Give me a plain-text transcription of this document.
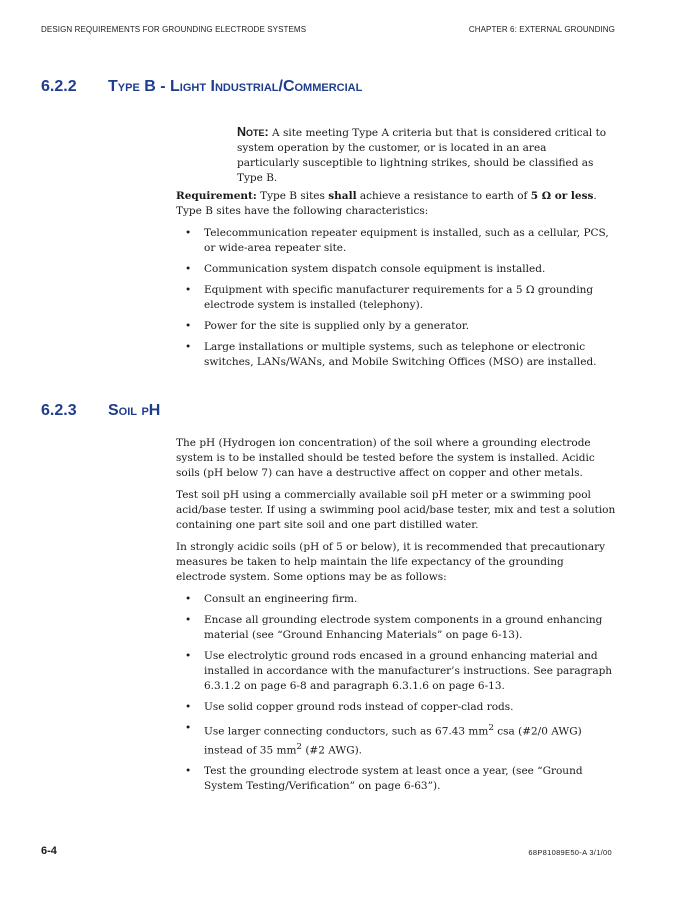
DESIGN REQUIREMENTS FOR GROUNDING ELECTRODE SYSTEMS	CHAPTER 6: EXTERNAL GROUNDING
6.2.2 Type B - Light Industrial/Commercial
Note: A site meeting Type A criteria but that is considered critical to system operation by the customer, or is located in an area particularly susceptible to lightning strikes, should be classified as Type B.

Requirement: Type B sites shall achieve a resistance to earth of 5 Ω or less. Type B sites have the following characteristics:

• Telecommunication repeater equipment is installed, such as a cellular, PCS, or wide-area repeater site.
• Communication system dispatch console equipment is installed.
• Equipment with specific manufacturer requirements for a 5 Ω grounding electrode system is installed (telephony).
• Power for the site is supplied only by a generator.
• Large installations or multiple systems, such as telephone or electronic switches, LANs/WANs, and Mobile Switching Offices (MSO) are installed.
6.2.3 Soil pH

The pH (Hydrogen ion concentration) of the soil where a grounding electrode system is to be installed should be tested before the system is installed. Acidic soils (pH below 7) can have a destructive affect on copper and other metals.

Test soil pH using a commercially available soil pH meter or a swimming pool acid/base tester. If using a swimming pool acid/base tester, mix and test a solution containing one part site soil and one part distilled water.

In strongly acidic soils (pH of 5 or below), it is recommended that precautionary measures be taken to help maintain the life expectancy of the grounding electrode system. Some options may be as follows:

• Consult an engineering firm.
• Encase all grounding electrode system components in a ground enhancing material (see “Ground Enhancing Materials” on page 6-13).
• Use electrolytic ground rods encased in a ground enhancing material and installed in accordance with the manufacturer’s instructions. See paragraph 6.3.1.2 on page 6-8 and paragraph 6.3.1.6 on page 6-13.
• Use solid copper ground rods instead of copper-clad rods.
• Use larger connecting conductors, such as 67.43 $mm^2$ csa (#2/0 AWG) instead of 35 $mm^2$ (#2 AWG).
• Test the grounding electrode system at least once a year, (see “Ground System Testing/Verification” on page 6-63”).
6-4	68P81089E50-A 3/1/00
